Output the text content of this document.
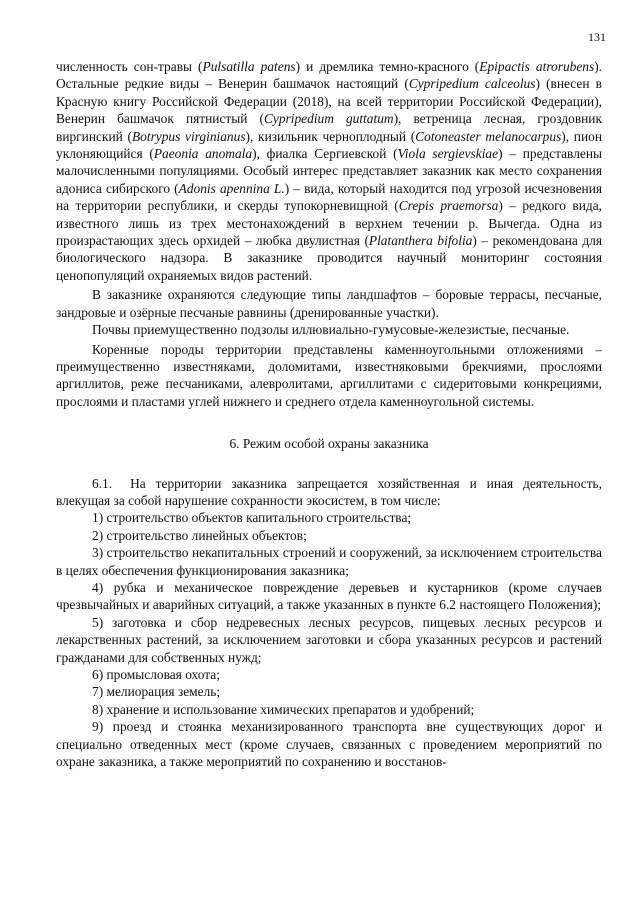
131

численность сон-травы (Pulsatilla patens) и дремлика темно-красного (Epipactis atrorubens). Остальные редкие виды – Венерин башмачок настоящий (Cypripedium calceolus) (внесен в Красную книгу Российской Федерации (2018), на всей территории Российской Федерации), Венерин башмачок пятнистый (Cypripedium guttatum), ветреница лесная, гроздовник виргинский (Botrypus virginianus), кизильник черноплодный (Cotoneaster melanocarpus), пион уклоняющийся (Paeonia anomala), фиалка Сергиевской (Viola sergievskiae) – представлены малочисленными популяциями. Особый интерес представляет заказник как место сохранения адониса сибирского (Adonis apennina L.) – вида, который находится под угрозой исчезновения на территории республики, и скерды тупокорневищной (Crepis praemorsa) – редкого вида, известного лишь из трех местонахождений в верхнем течении р. Вычегда. Одна из произрастающих здесь орхидей – любка двулистная (Platanthera bifolia) – рекомендована для биологического надзора. В заказнике проводится научный мониторинг состояния ценопопуляций охраняемых видов растений.

В заказнике охраняются следующие типы ландшафтов – боровые террасы, песчаные, зандровые и озёрные песчаные равнины (дренированные участки).

Почвы приемущественно подзолы иллювиально-гумусовые-железистые, песчаные.

Коренные породы территории представлены каменноугольными отложениями – преимущественно известняками, доломитами, известняковыми брекчиями, прослоями аргиллитов, реже песчаниками, алевролитами, аргиллитами с сидеритовыми конкрециями, прослоями и пластами углей нижнего и среднего отдела каменноугольной системы.

6. Режим особой охраны заказника

6.1. На территории заказника запрещается хозяйственная и иная деятельность, влекущая за собой нарушение сохранности экосистем, в том числе:

1) строительство объектов капитального строительства;

2) строительство линейных объектов;

3) строительство некапитальных строений и сооружений, за исключением строительства в целях обеспечения функционирования заказника;

4) рубка и механическое повреждение деревьев и кустарников (кроме случаев чрезвычайных и аварийных ситуаций, а также указанных в пункте 6.2 настоящего Положения);

5) заготовка и сбор недревесных лесных ресурсов, пищевых лесных ресурсов и лекарственных растений, за исключением заготовки и сбора указанных ресурсов и растений гражданами для собственных нужд;

6) промысловая охота;

7) мелиорация земель;

8) хранение и использование химических препаратов и удобрений;

9) проезд и стоянка механизированного транспорта вне существующих дорог и специально отведенных мест (кроме случаев, связанных с проведением мероприятий по охране заказника, а также мероприятий по сохранению и восстанов-
